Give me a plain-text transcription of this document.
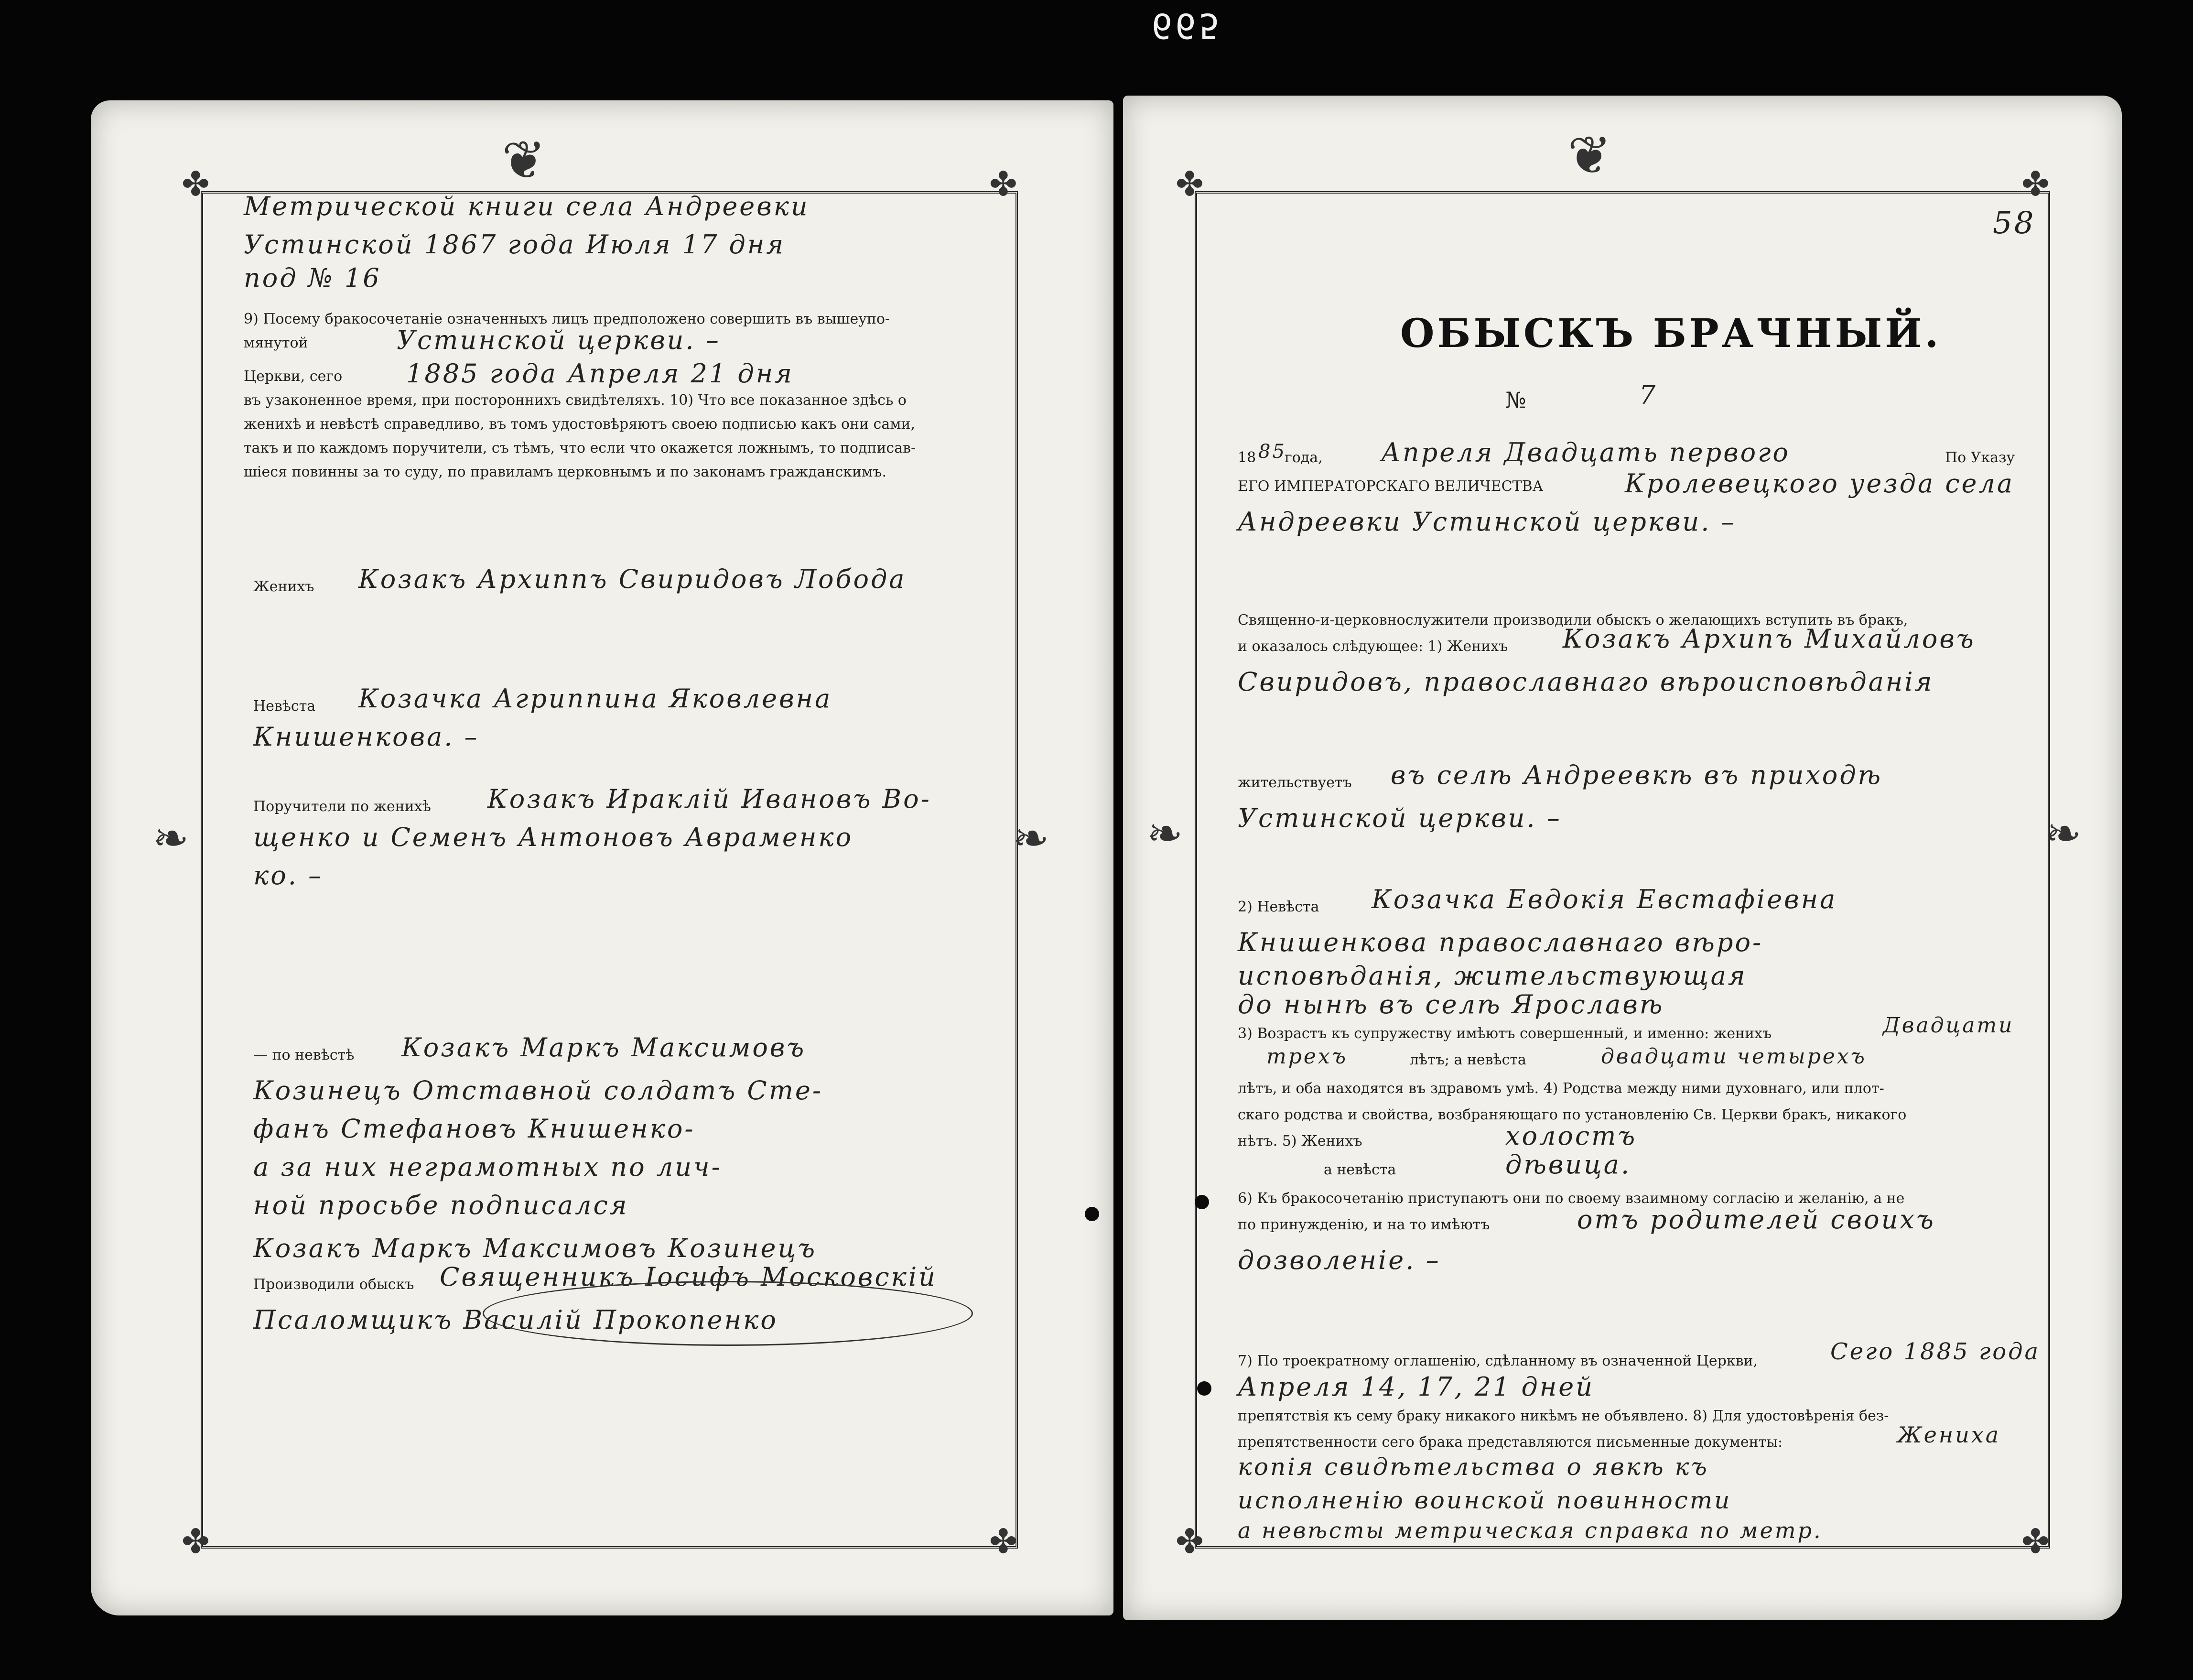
665
❦
✤	✤
✤	✤
❧	❧
Метрической книги села Андреевки
Устинской 1867 года Июля 17 дня
под № 16
9) Посему бракосочетаніе означенныхъ лицъ предположено совершить въ вышеупо-
мянутой	Устинской церкви. –
Церкви, сего 1885 года Апреля 21 дня
въ узаконенное время, при постороннихъ свидѣтеляхъ. 10) Что все показанное здѣсь о
женихѣ и невѣстѣ справедливо, въ томъ удостовѣряютъ своею подписью какъ они сами,
такъ и по каждомъ поручители, съ тѣмъ, что если что окажется ложнымъ, то подписав-
шіеся повинны за то суду, по правиламъ церковнымъ и по законамъ гражданскимъ.
Женихъ Козакъ Архиппъ Свиридовъ Лобода
Невѣста Козачка Агриппина Яковлевна
Книшенкова. –
Поручители по женихѣ Козакъ Ираклій Ивановъ Во-
щенко и Семенъ Антоновъ Авраменко
ко. –
— по невѣстѣ Козакъ Маркъ Максимовъ
Козинецъ Отставной солдатъ Сте-
фанъ Стефановъ Книшенко-
а за них неграмотных по лич-
ной просьбе подписался
Козакъ Маркъ Максимовъ Козинецъ
Производили обыскъ Священникъ Іосифъ Московскій
Псаломщикъ Василій Прокопенко
❦
✤	✤
✤	✤
❧	❧
58
ОБЫСКЪ БРАЧНЫЙ.
№	7
18 85
года, Апреля Двадцать первого	По Указу
ЕГО ИМПЕРАТОРСКАГО ВЕЛИЧЕСТВА	Кролевецкого уезда села
Андреевки Устинской церкви. –
Священно-и-церковнослужители производили обыскъ о желающихъ вступить въ бракъ,
и оказалось слѣдующее: 1) Женихъ Козакъ Архипъ Михайловъ
Свиридовъ, православнаго вѣроисповѣданія
жительствуетъ въ селѣ Андреевкѣ въ приходѣ
Устинской церкви. –
2) Невѣста Козачка Евдокія Евстафіевна
Книшенкова православнаго вѣро-
исповѣданія, жительствующая
до нынѣ въ селѣ Ярославѣ
3) Возрастъ къ супружеству имѣютъ совершенный, и именно: женихъ	Двадцати
трехъ	лѣтъ; а невѣста	двадцати четырехъ
лѣтъ, и оба находятся въ здравомъ умѣ. 4) Родства между ними духовнаго, или плот-
скаго родства и свойства, возбраняющаго по установленію Св. Церкви бракъ, никакого
нѣтъ. 5) Женихъ	холостъ
а невѣста	дѣвица.
6) Къ бракосочетанію приступаютъ они по своему взаимному согласію и желанію, а не
по принужденію, и на то имѣютъ	отъ родителей своихъ
дозволеніе. –
7) По троекратному оглашенію, сдѣланному въ означенной Церкви,	Сего 1885 года
Апреля 14, 17, 21 дней
препятствія къ сему браку никакого никѣмъ не объявлено. 8) Для удостовѣренія без-
препятственности сего брака представляются письменные документы:	Жениха
копія свидѣтельства о явкѣ къ
исполненію воинской повинности
а невѣсты метрическая справка по метр.
